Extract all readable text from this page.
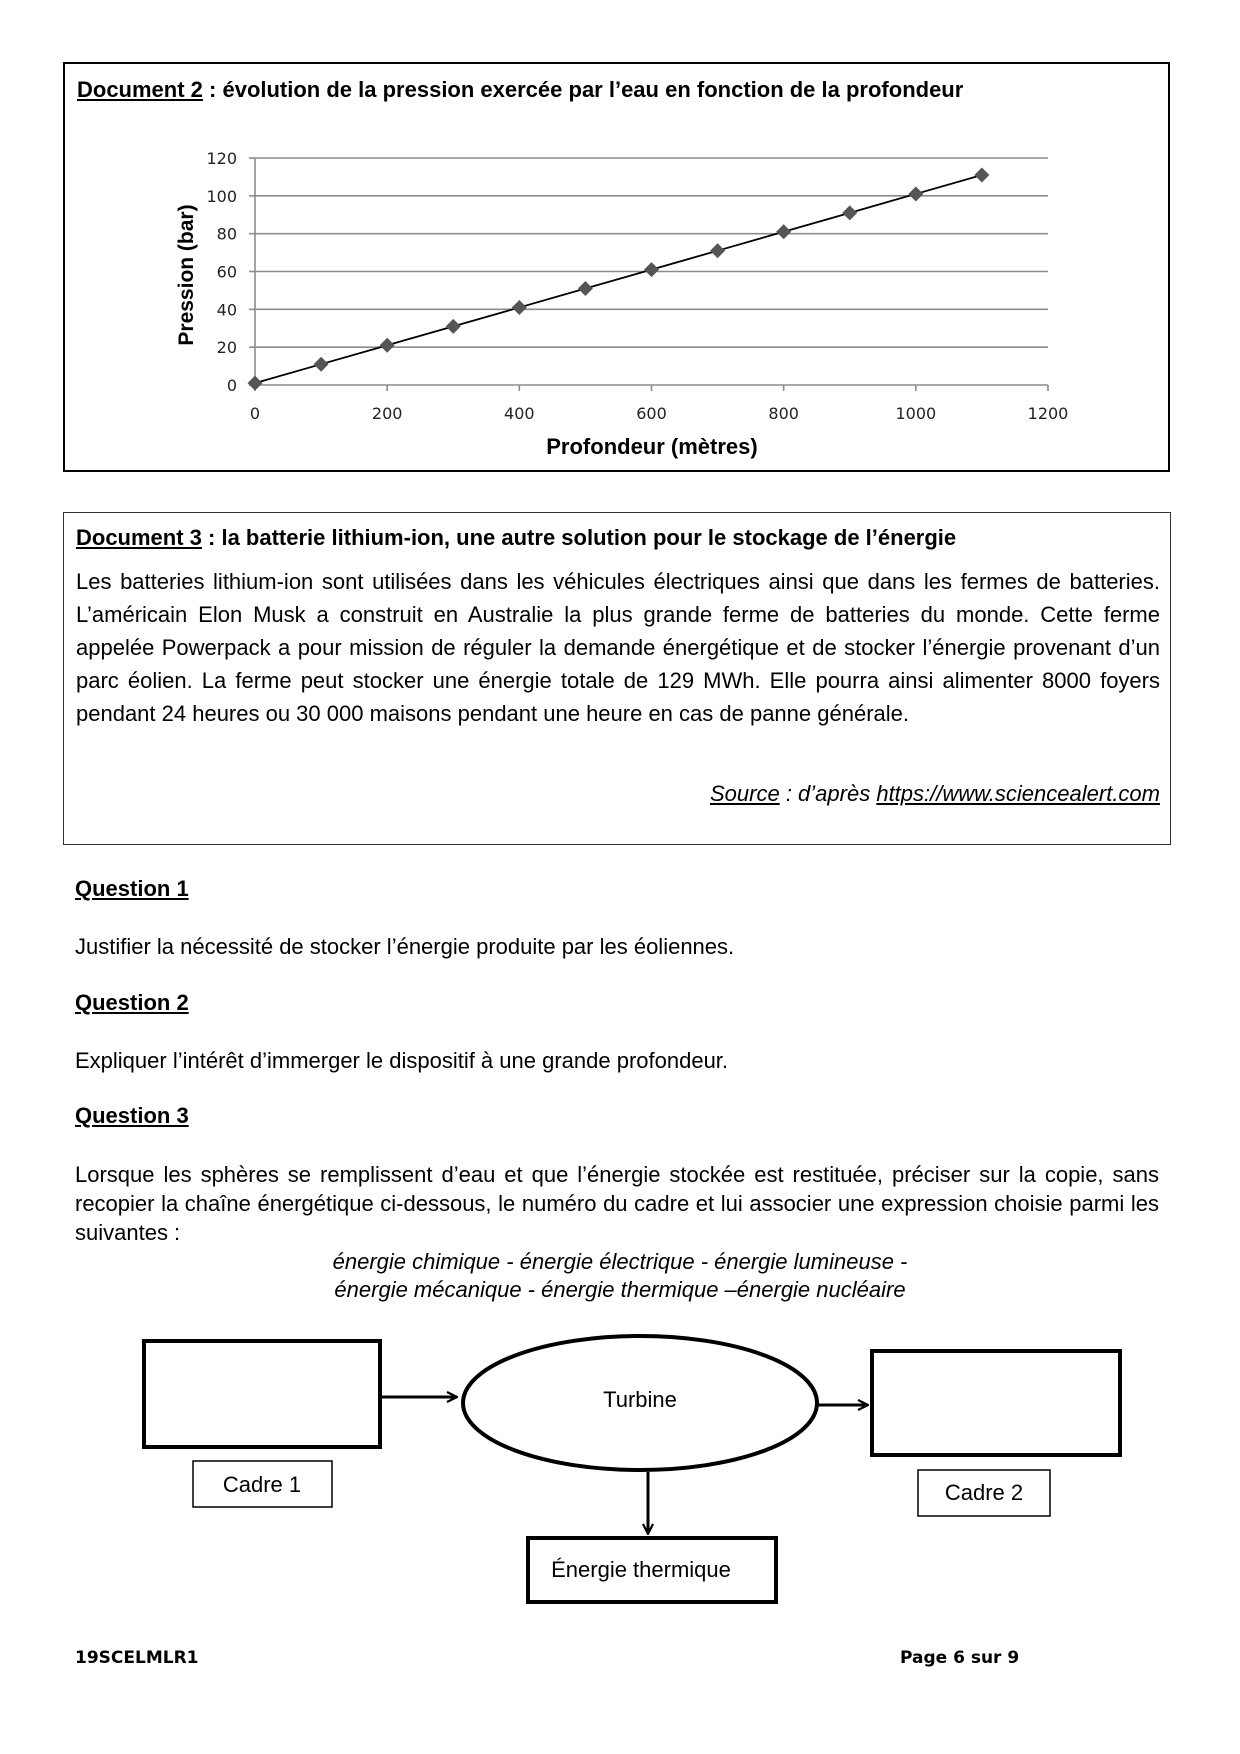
Document 2 : évolution de la pression exercée par l’eau en fonction de la profondeur
0
20
40
60
80
100
120
0	200	400	600	800	1000	1200
Pression (bar)
Profondeur (mètres)
Document 3 : la batterie lithium-ion, une autre solution pour le stockage de l’énergie
Les batteries lithium-ion sont utilisées dans les véhicules électriques ainsi que dans les fermes de batteries. L’américain Elon Musk a construit en Australie la plus grande ferme de batteries du monde. Cette ferme appelée Powerpack a pour mission de réguler la demande énergétique et de stocker l’énergie provenant d’un parc éolien. La ferme peut stocker une énergie totale de 129 MWh. Elle pourra ainsi alimenter 8000 foyers pendant 24 heures ou 30 000 maisons pendant une heure en cas de panne générale.
Source : d’après https://www.sciencealert.com
Question 1
Justifier la nécessité de stocker l’énergie produite par les éoliennes.
Question 2
Expliquer l’intérêt d’immerger le dispositif à une grande profondeur.
Question 3
Lorsque les sphères se remplissent d’eau et que l’énergie stockée est restituée, préciser sur la copie, sans recopier la chaîne énergétique ci-dessous, le numéro du cadre et lui associer une expression choisie parmi les suivantes :
énergie chimique - énergie électrique - énergie lumineuse -
énergie mécanique - énergie thermique –énergie nucléaire
Cadre 1
Turbine
Cadre 2
Énergie thermique
19SCELMLR1	Page 6 sur 9
